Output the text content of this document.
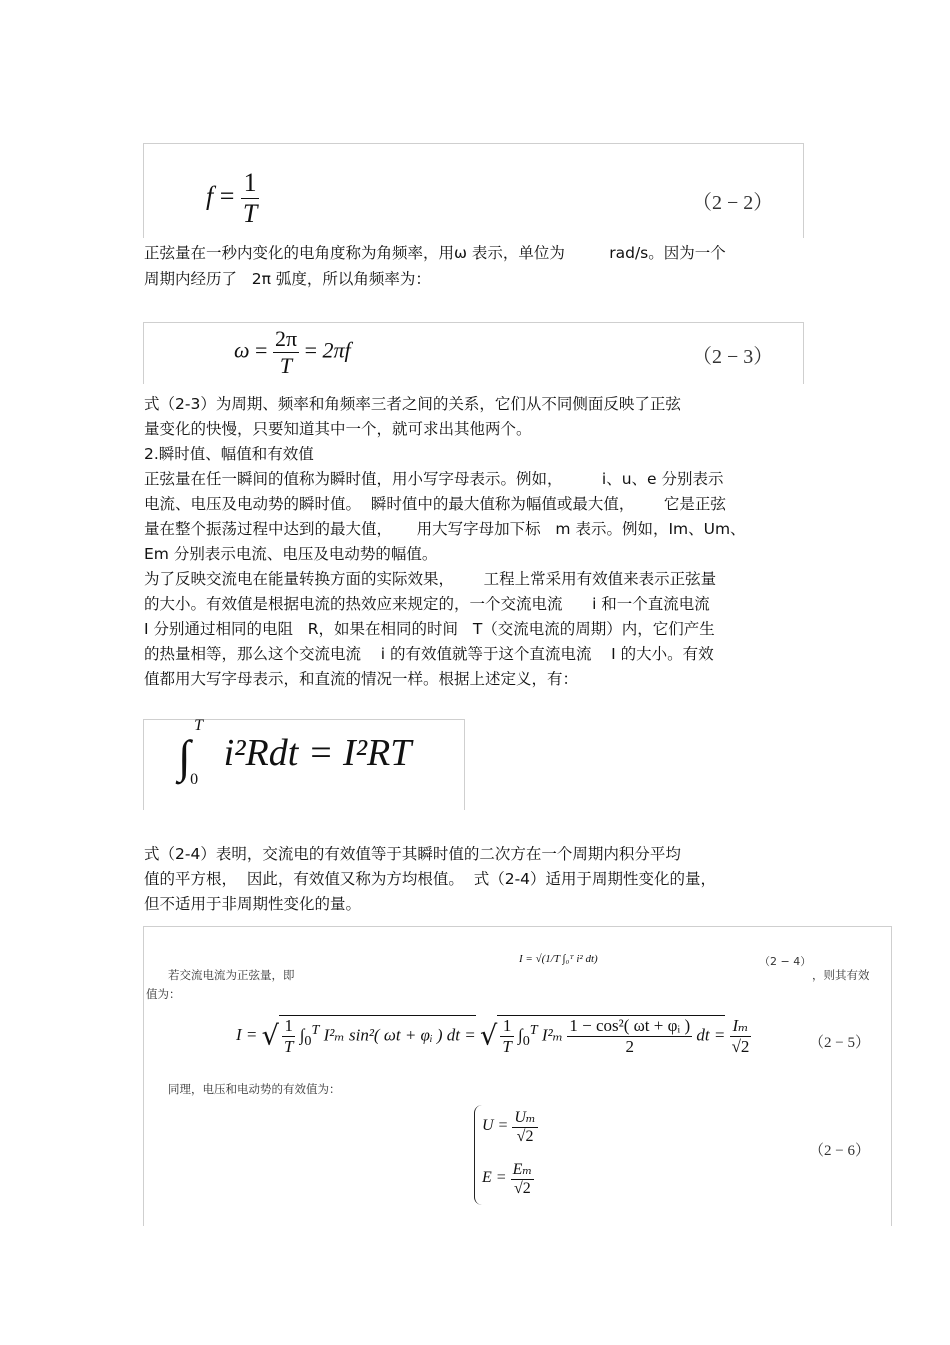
$f = \frac{1}{T}$	（2 − 2）
正弦量在一秒内变化的电角度称为角频率，用ω 表示，单位为         rad/s。因为一个
周期内经历了   2π 弧度，所以角频率为：
$\omega = \frac{2\pi}{T} = 2\pi f$	（2 − 3）
式（2-3）为周期、频率和角频率三者之间的关系，它们从不同侧面反映了正弦
量变化的快慢，只要知道其中一个，就可求出其他两个。
2.瞬时值、幅值和有效值
正弦量在任一瞬间的值称为瞬时值，用小写字母表示。例如，        i、u、e 分别表示
电流、电压及电动势的瞬时值。  瞬时值中的最大值称为幅值或最大值，      它是正弦
量在整个振荡过程中达到的最大值，     用大写字母加下标   m 表示。例如，Im、Um、
Em 分别表示电流、电压及电动势的幅值。
为了反映交流电在能量转换方面的实际效果，      工程上常采用有效值来表示正弦量
的大小。有效值是根据电流的热效应来规定的，一个交流电流      i 和一个直流电流
I 分别通过相同的电阻   R，如果在相同的时间   T（交流电流的周期）内，它们产生
的热量相等，那么这个交流电流    i 的有效值就等于这个直流电流    I 的大小。有效
值都用大写字母表示，和直流的情况一样。根据上述定义，有：
∫
T
0
i²Rdt = I²RT
式（2-4）表明，交流电的有效值等于其瞬时值的二次方在一个周期内积分平均
值的平方根，  因此，有效值又称为方均根值。  式（2-4）适用于周期性变化的量，
但不适用于非周期性变化的量。
I = √(1/T ∫₀ᵀ i² dt)	（2 − 4）
若交流电流为正弦量，即	，则其有效
值为：
I = √ $\frac{1}{T} \int_0^T$ I²ₘ sin²( ωt + φᵢ ) dt = √ $\frac{1}{T} \int_0^T$ $I^2_m \frac{\text{1 − cos²( ωt + φᵢ )}}{2}$ dt = $\frac{\text{Iₘ}}{√2}$	（2 − 5）
同理，电压和电动势的有效值为：
$U = \frac{\text{Uₘ}}{√2}$
$E = \frac{\text{Eₘ}}{√2}$
（2 − 6）
